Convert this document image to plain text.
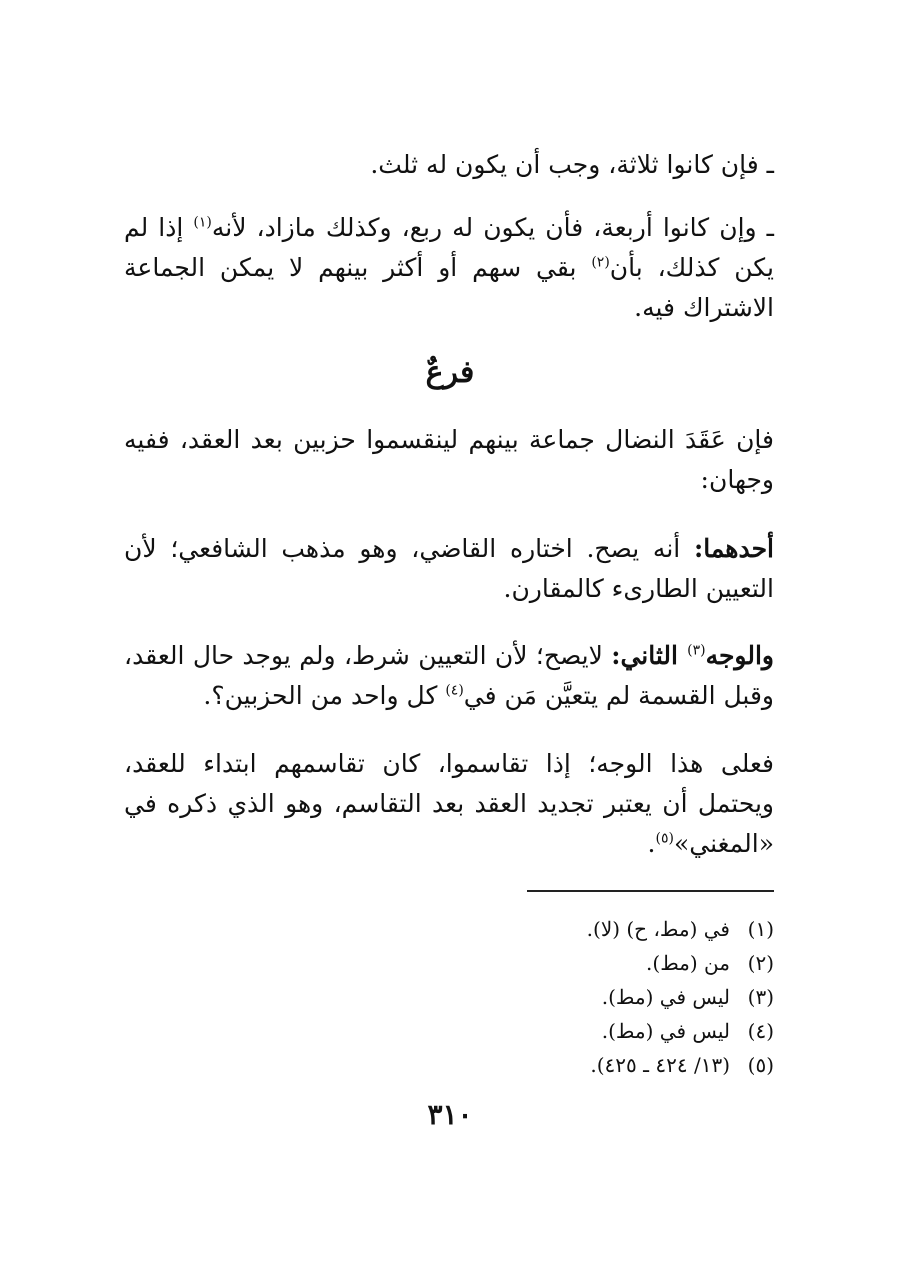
ـ فإن كانوا ثلاثة، وجب أن يكون له ثلث.

ـ وإن كانوا أربعة، فأن يكون له ربع، وكذلك مازاد، لأنه$^{(١)}$ إذا لم يكن كذلك، بأن$^{(٢)}$ بقي سهم أو أكثر بينهم لا يمكن الجماعة الاشتراك فيه.

فرعٌ

فإن عَقَدَ النضال جماعة بينهم لينقسموا حزبين بعد العقد، ففيه وجهان:

أحدهما: أنه يصح. اختاره القاضي، وهو مذهب الشافعي؛ لأن التعيين الطارىء كالمقارن.

والوجه$^{(٣)}$ الثاني: لايصح؛ لأن التعيين شرط، ولم يوجد حال العقد، وقبل القسمة لم يتعيَّن مَن في$^{(٤)}$ كل واحد من الحزبين؟.

فعلى هذا الوجه؛ إذا تقاسموا، كان تقاسمهم ابتداء للعقد، ويحتمل أن يعتبر تجديد العقد بعد التقاسم، وهو الذي ذكره في «المغني»$^{(٥)}$.

(١)في (مط، ح) (لا).
(٢)من (مط).
(٣)ليس في (مط).
(٤)ليس في (مط).
(٥)(١٣/ ٤٢٤ ـ ٤٢٥).
٣١٠
